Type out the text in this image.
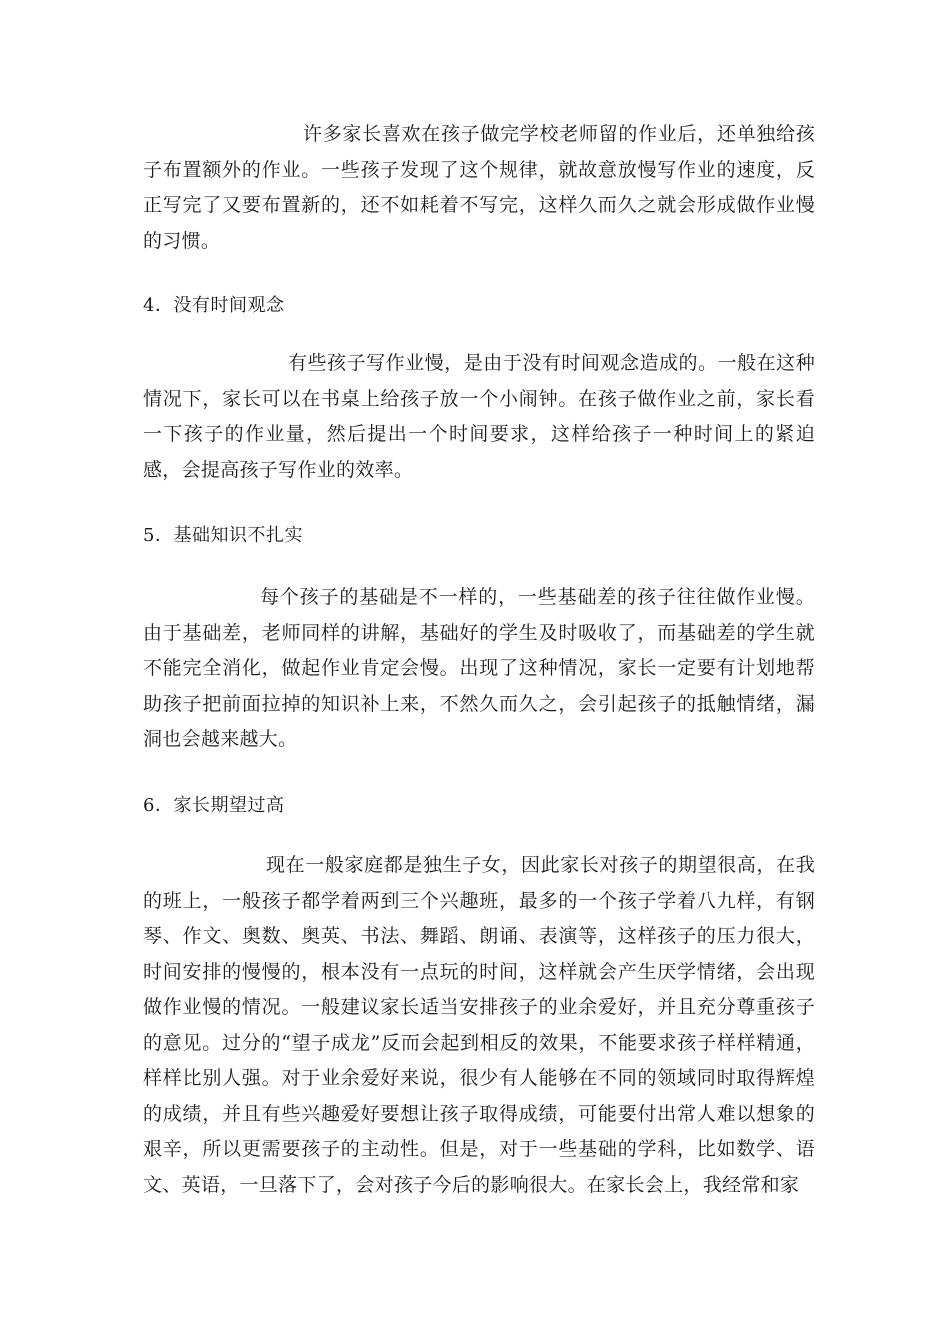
许多家长喜欢在孩子做完学校老师留的作业后，还单独给孩子布置额外的作业。一些孩子发现了这个规律，就故意放慢写作业的速度，反正写完了又要布置新的，还不如耗着不写完，这样久而久之就会形成做作业慢的习惯。

4．没有时间观念

有些孩子写作业慢，是由于没有时间观念造成的。一般在这种情况下，家长可以在书桌上给孩子放一个小闹钟。在孩子做作业之前，家长看一下孩子的作业量，然后提出一个时间要求，这样给孩子一种时间上的紧迫感，会提高孩子写作业的效率。

5．基础知识不扎实

每个孩子的基础是不一样的，一些基础差的孩子往往做作业慢。由于基础差，老师同样的讲解，基础好的学生及时吸收了，而基础差的学生就不能完全消化，做起作业肯定会慢。出现了这种情况，家长一定要有计划地帮助孩子把前面拉掉的知识补上来，不然久而久之，会引起孩子的抵触情绪，漏洞也会越来越大。

6．家长期望过高

现在一般家庭都是独生子女，因此家长对孩子的期望很高，在我的班上，一般孩子都学着两到三个兴趣班，最多的一个孩子学着八九样，有钢琴、作文、奥数、奥英、书法、舞蹈、朗诵、表演等，这样孩子的压力很大，时间安排的慢慢的，根本没有一点玩的时间，这样就会产生厌学情绪，会出现做作业慢的情况。一般建议家长适当安排孩子的业余爱好，并且充分尊重孩子的意见。过分的“望子成龙”反而会起到相反的效果，不能要求孩子样样精通，样样比别人强。对于业余爱好来说，很少有人能够在不同的领域同时取得辉煌的成绩，并且有些兴趣爱好要想让孩子取得成绩，可能要付出常人难以想象的艰辛，所以更需要孩子的主动性。但是，对于一些基础的学科，比如数学、语文、英语，一旦落下了，会对孩子今后的影响很大。在家长会上，我经常和家
